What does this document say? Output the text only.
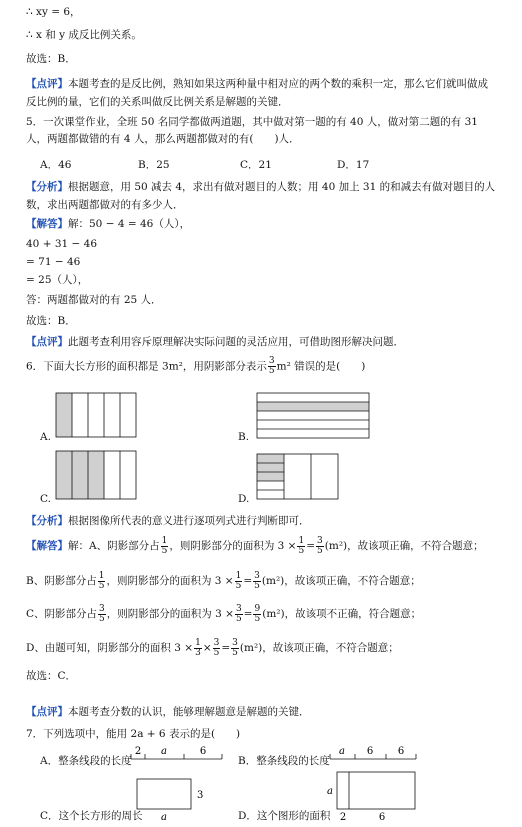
∴ xy = 6，
∴ x 和 y 成反比例关系。
故选：B．
【点评】本题考查的是反比例，熟知如果这两种量中相对应的两个数的乘积一定，那么它们就叫做成反比例的量，它们的关系叫做反比例关系是解题的关键．
5．一次课堂作业，全班 50 名同学都做两道题，其中做对第一题的有 40 人，做对第二题的有 31 人，两题都做错的有 4 人，那么两题都做对的有(　　)人．
A．46	B．25	C．21	D．17
【分析】根据题意，用 50 减去 4，求出有做对题目的人数；用 40 加上 31 的和减去有做对题目的人数，求出两题都做对的有多少人．
【解答】解：50 − 4 = 46（人），
40 + 31 − 46
= 71 − 46
= 25（人），
答：两题都做对的有 25 人．
故选：B．
【点评】此题考查利用容斥原理解决实际问题的灵活应用，可借助图形解决问题．
6．下面大长方形的面积都是 3m²，用阴影部分表示 $\frac{3}{5} m^2$ 错误的是(　　)
A.	B.
C.	D.
【分析】根据图像所代表的意义进行逐项列式进行判断即可．
【解答】解：A、阴影部分占 $\frac{1}{5}$ ，则阴影部分的面积为 $3 \times \frac{1}{5} = \frac{3}{5} (m^2)$，故该项正确，不符合题意；
B、阴影部分占 $\frac{1}{5}$ ，则阴影部分的面积为 $3 \times \frac{1}{5} = \frac{3}{5} (m^2)$，故该项正确，不符合题意；
C、阴影部分占 $\frac{3}{5}$ ，则阴影部分的面积为 $3 \times \frac{3}{5} = \frac{9}{5} (m^2)$，故该项不正确，符合题意；
D、由题可知，阴影部分的面积 $3 \times \frac{1}{3} \times \frac{3}{5} = \frac{3}{5} (m^2)$，故该项正确，不符合题意；
故选：C．
【点评】本题考查分数的认识，能够理解题意是解题的关键．
7．下列选项中，能用 2a + 6 表示的是(　　)
A．整条线段的长度	B．整条线段的长度
C．这个长方形的周长	D．这个图形的面积
2 a	6	a 6 6
3
a
a
2	6
